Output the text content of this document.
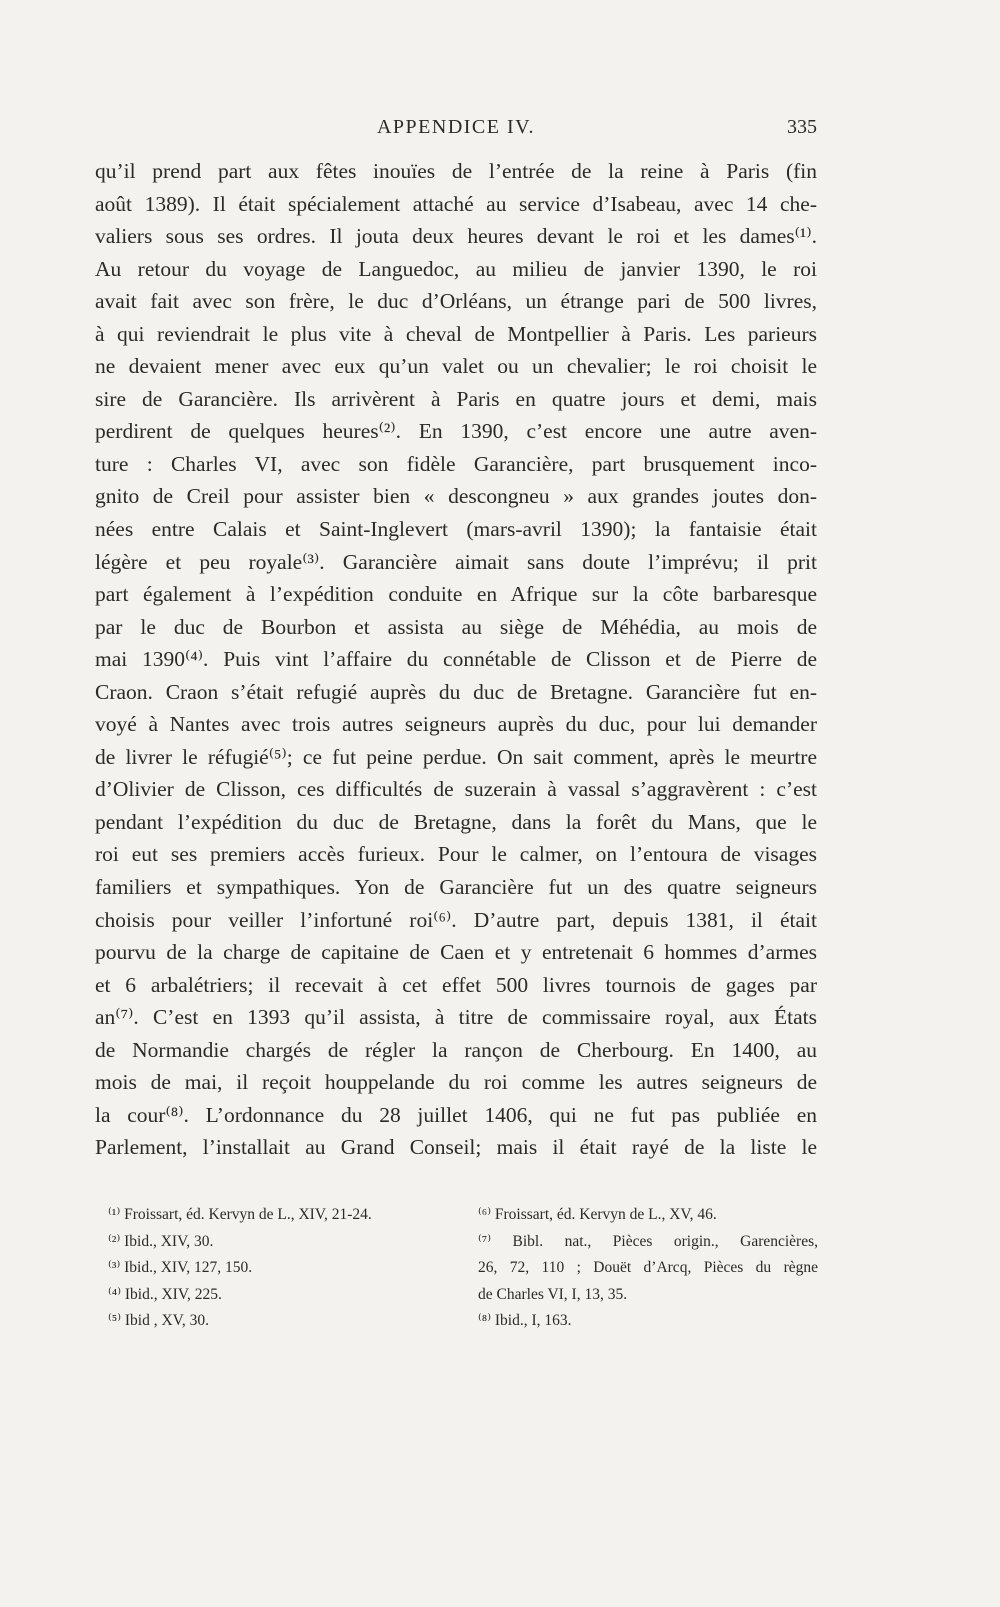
APPENDICE IV.	335
qu’il prend part aux fêtes inouïes de l’entrée de la reine à Paris (fin
août 1389). Il était spécialement attaché au service d’Isabeau, avec 14 che-
valiers sous ses ordres. Il jouta deux heures devant le roi et les dames⁽¹⁾.
Au retour du voyage de Languedoc, au milieu de janvier 1390, le roi
avait fait avec son frère, le duc d’Orléans, un étrange pari de 500 livres,
à qui reviendrait le plus vite à cheval de Montpellier à Paris. Les parieurs
ne devaient mener avec eux qu’un valet ou un chevalier; le roi choisit le
sire de Garancière. Ils arrivèrent à Paris en quatre jours et demi, mais
perdirent de quelques heures⁽²⁾. En 1390, c’est encore une autre aven-
ture : Charles VI, avec son fidèle Garancière, part brusquement inco-
gnito de Creil pour assister bien « descongneu » aux grandes joutes don-
nées entre Calais et Saint-Inglevert (mars-avril 1390); la fantaisie était
légère et peu royale⁽³⁾. Garancière aimait sans doute l’imprévu; il prit
part également à l’expédition conduite en Afrique sur la côte barbaresque
par le duc de Bourbon et assista au siège de Méhédia, au mois de
mai 1390⁽⁴⁾. Puis vint l’affaire du connétable de Clisson et de Pierre de
Craon. Craon s’était refugié auprès du duc de Bretagne. Garancière fut en-
voyé à Nantes avec trois autres seigneurs auprès du duc, pour lui demander
de livrer le réfugié⁽⁵⁾; ce fut peine perdue. On sait comment, après le meurtre
d’Olivier de Clisson, ces difficultés de suzerain à vassal s’aggravèrent : c’est
pendant l’expédition du duc de Bretagne, dans la forêt du Mans, que le
roi eut ses premiers accès furieux. Pour le calmer, on l’entoura de visages
familiers et sympathiques. Yon de Garancière fut un des quatre seigneurs
choisis pour veiller l’infortuné roi⁽⁶⁾. D’autre part, depuis 1381, il était
pourvu de la charge de capitaine de Caen et y entretenait 6 hommes d’armes
et 6 arbalétriers; il recevait à cet effet 500 livres tournois de gages par
an⁽⁷⁾. C’est en 1393 qu’il assista, à titre de commissaire royal, aux États
de Normandie chargés de régler la rançon de Cherbourg. En 1400, au
mois de mai, il reçoit houppelande du roi comme les autres seigneurs de
la cour⁽⁸⁾. L’ordonnance du 28 juillet 1406, qui ne fut pas publiée en
Parlement, l’installait au Grand Conseil; mais il était rayé de la liste le
⁽¹⁾ Froissart, éd. Kervyn de L., XIV, 21-24.
⁽²⁾ Ibid., XIV, 30.
⁽³⁾ Ibid., XIV, 127, 150.
⁽⁴⁾ Ibid., XIV, 225.
⁽⁵⁾ Ibid , XV, 30.
⁽⁶⁾ Froissart, éd. Kervyn de L., XV, 46.
⁽⁷⁾ Bibl. nat., Pièces origin., Garencières,
26, 72, 110 ; Douët d’Arcq, Pièces du règne
de Charles VI, I, 13, 35.
⁽⁸⁾ Ibid., I, 163.
